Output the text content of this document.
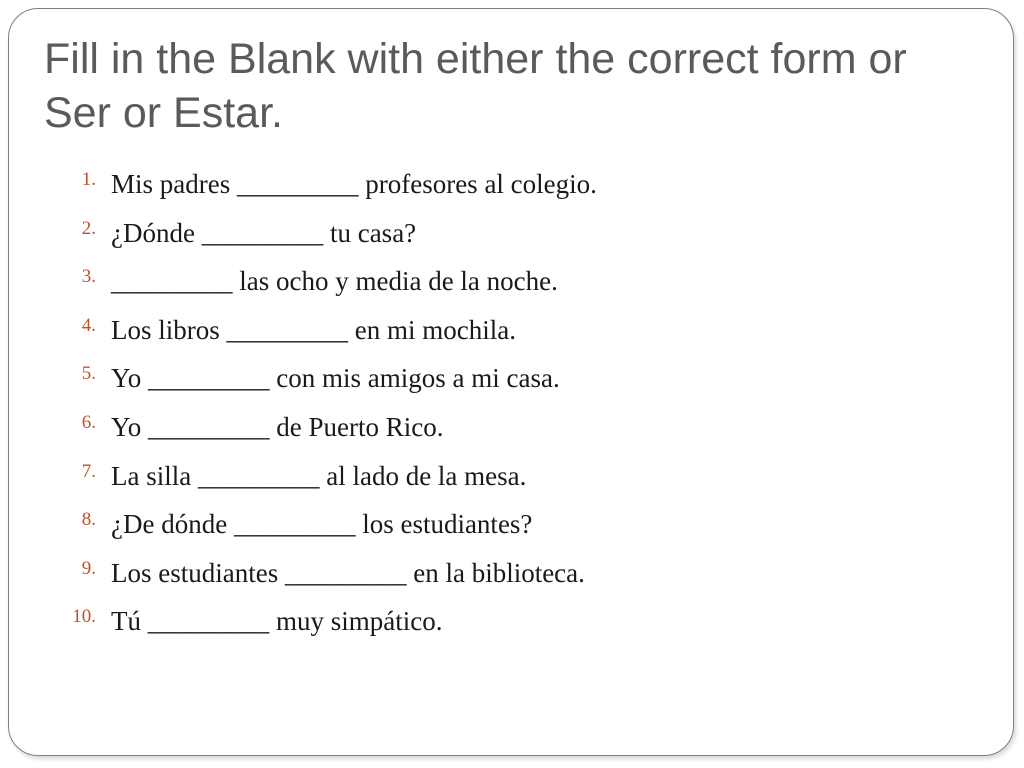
Fill in the Blank with either the correct form or Ser or Estar.
1. Mis padres _________ profesores al colegio.
2. ¿Dónde _________ tu casa?
3. _________ las ocho y media de la noche.
4. Los libros _________ en mi mochila.
5. Yo _________ con mis amigos a mi casa.
6. Yo _________ de Puerto Rico.
7. La silla _________ al lado de la mesa.
8. ¿De dónde _________ los estudiantes?
9. Los estudiantes _________ en la biblioteca.
10. Tú _________ muy simpático.
